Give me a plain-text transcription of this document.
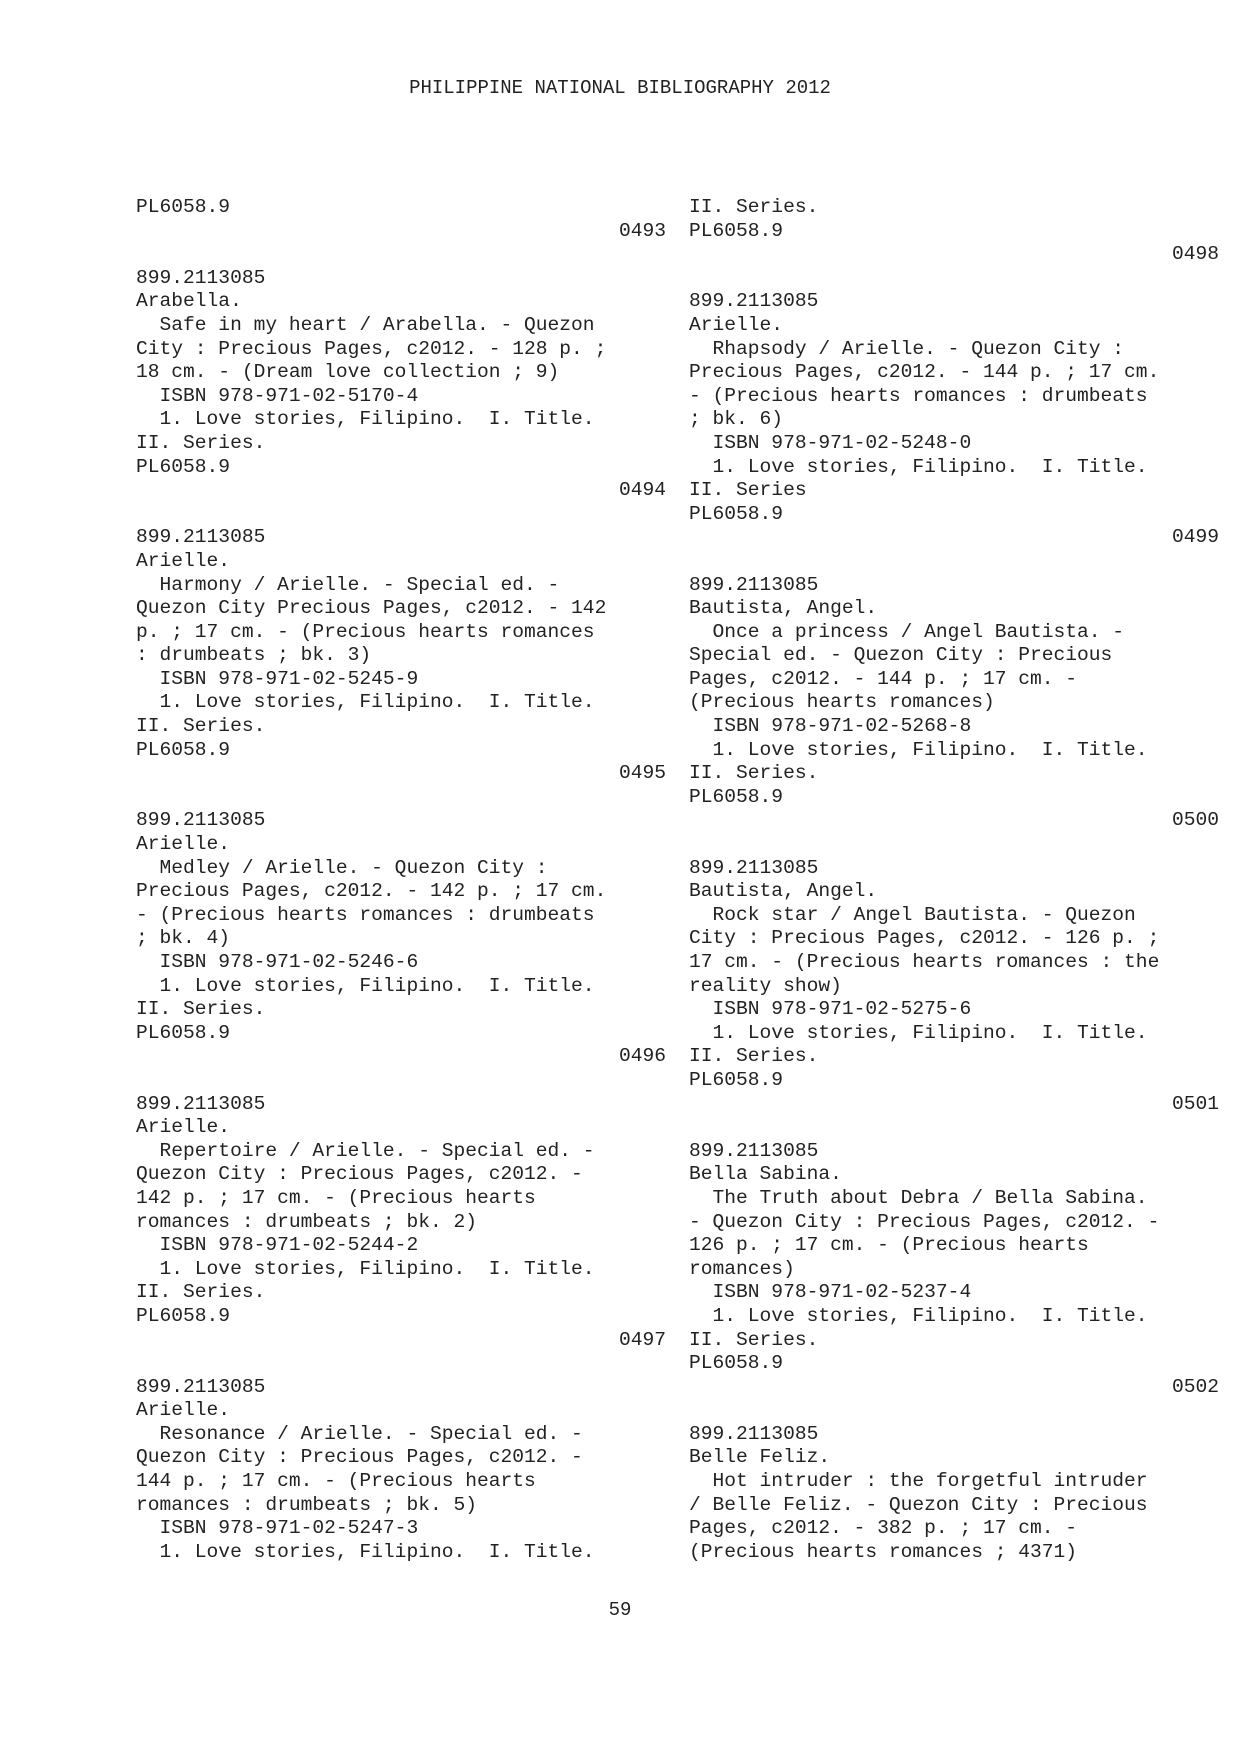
PHILIPPINE NATIONAL BIBLIOGRAPHY 2012
PL6058.9
0493
899.2113085
Arabella.
Safe in my heart / Arabella. - Quezon
City : Precious Pages, c2012. - 128 p. ;
18 cm. - (Dream love collection ; 9)
ISBN 978-971-02-5170-4
1. Love stories, Filipino.  I. Title.
II. Series.
PL6058.9
0494
899.2113085
Arielle.
Harmony / Arielle. - Special ed. -
Quezon City Precious Pages, c2012. - 142
p. ; 17 cm. - (Precious hearts romances
: drumbeats ; bk. 3)
ISBN 978-971-02-5245-9
1. Love stories, Filipino.  I. Title.
II. Series.
PL6058.9
0495
899.2113085
Arielle.
Medley / Arielle. - Quezon City :
Precious Pages, c2012. - 142 p. ; 17 cm.
- (Precious hearts romances : drumbeats
; bk. 4)
ISBN 978-971-02-5246-6
1. Love stories, Filipino.  I. Title.
II. Series.
PL6058.9
0496
899.2113085
Arielle.
Repertoire / Arielle. - Special ed. -
Quezon City : Precious Pages, c2012. -
142 p. ; 17 cm. - (Precious hearts
romances : drumbeats ; bk. 2)
ISBN 978-971-02-5244-2
1. Love stories, Filipino.  I. Title.
II. Series.
PL6058.9
0497
899.2113085
Arielle.
Resonance / Arielle. - Special ed. -
Quezon City : Precious Pages, c2012. -
144 p. ; 17 cm. - (Precious hearts
romances : drumbeats ; bk. 5)
ISBN 978-971-02-5247-3
1. Love stories, Filipino.  I. Title.
II. Series.
PL6058.9
0498
899.2113085
Arielle.
Rhapsody / Arielle. - Quezon City :
Precious Pages, c2012. - 144 p. ; 17 cm.
- (Precious hearts romances : drumbeats
; bk. 6)
ISBN 978-971-02-5248-0
1. Love stories, Filipino.  I. Title.
II. Series
PL6058.9
0499
899.2113085
Bautista, Angel.
Once a princess / Angel Bautista. -
Special ed. - Quezon City : Precious
Pages, c2012. - 144 p. ; 17 cm. -
(Precious hearts romances)
ISBN 978-971-02-5268-8
1. Love stories, Filipino.  I. Title.
II. Series.
PL6058.9
0500
899.2113085
Bautista, Angel.
Rock star / Angel Bautista. - Quezon
City : Precious Pages, c2012. - 126 p. ;
17 cm. - (Precious hearts romances : the
reality show)
ISBN 978-971-02-5275-6
1. Love stories, Filipino.  I. Title.
II. Series.
PL6058.9
0501
899.2113085
Bella Sabina.
The Truth about Debra / Bella Sabina.
- Quezon City : Precious Pages, c2012. -
126 p. ; 17 cm. - (Precious hearts
romances)
ISBN 978-971-02-5237-4
1. Love stories, Filipino.  I. Title.
II. Series.
PL6058.9
0502
899.2113085
Belle Feliz.
Hot intruder : the forgetful intruder
/ Belle Feliz. - Quezon City : Precious
Pages, c2012. - 382 p. ; 17 cm. -
(Precious hearts romances ; 4371)
59
